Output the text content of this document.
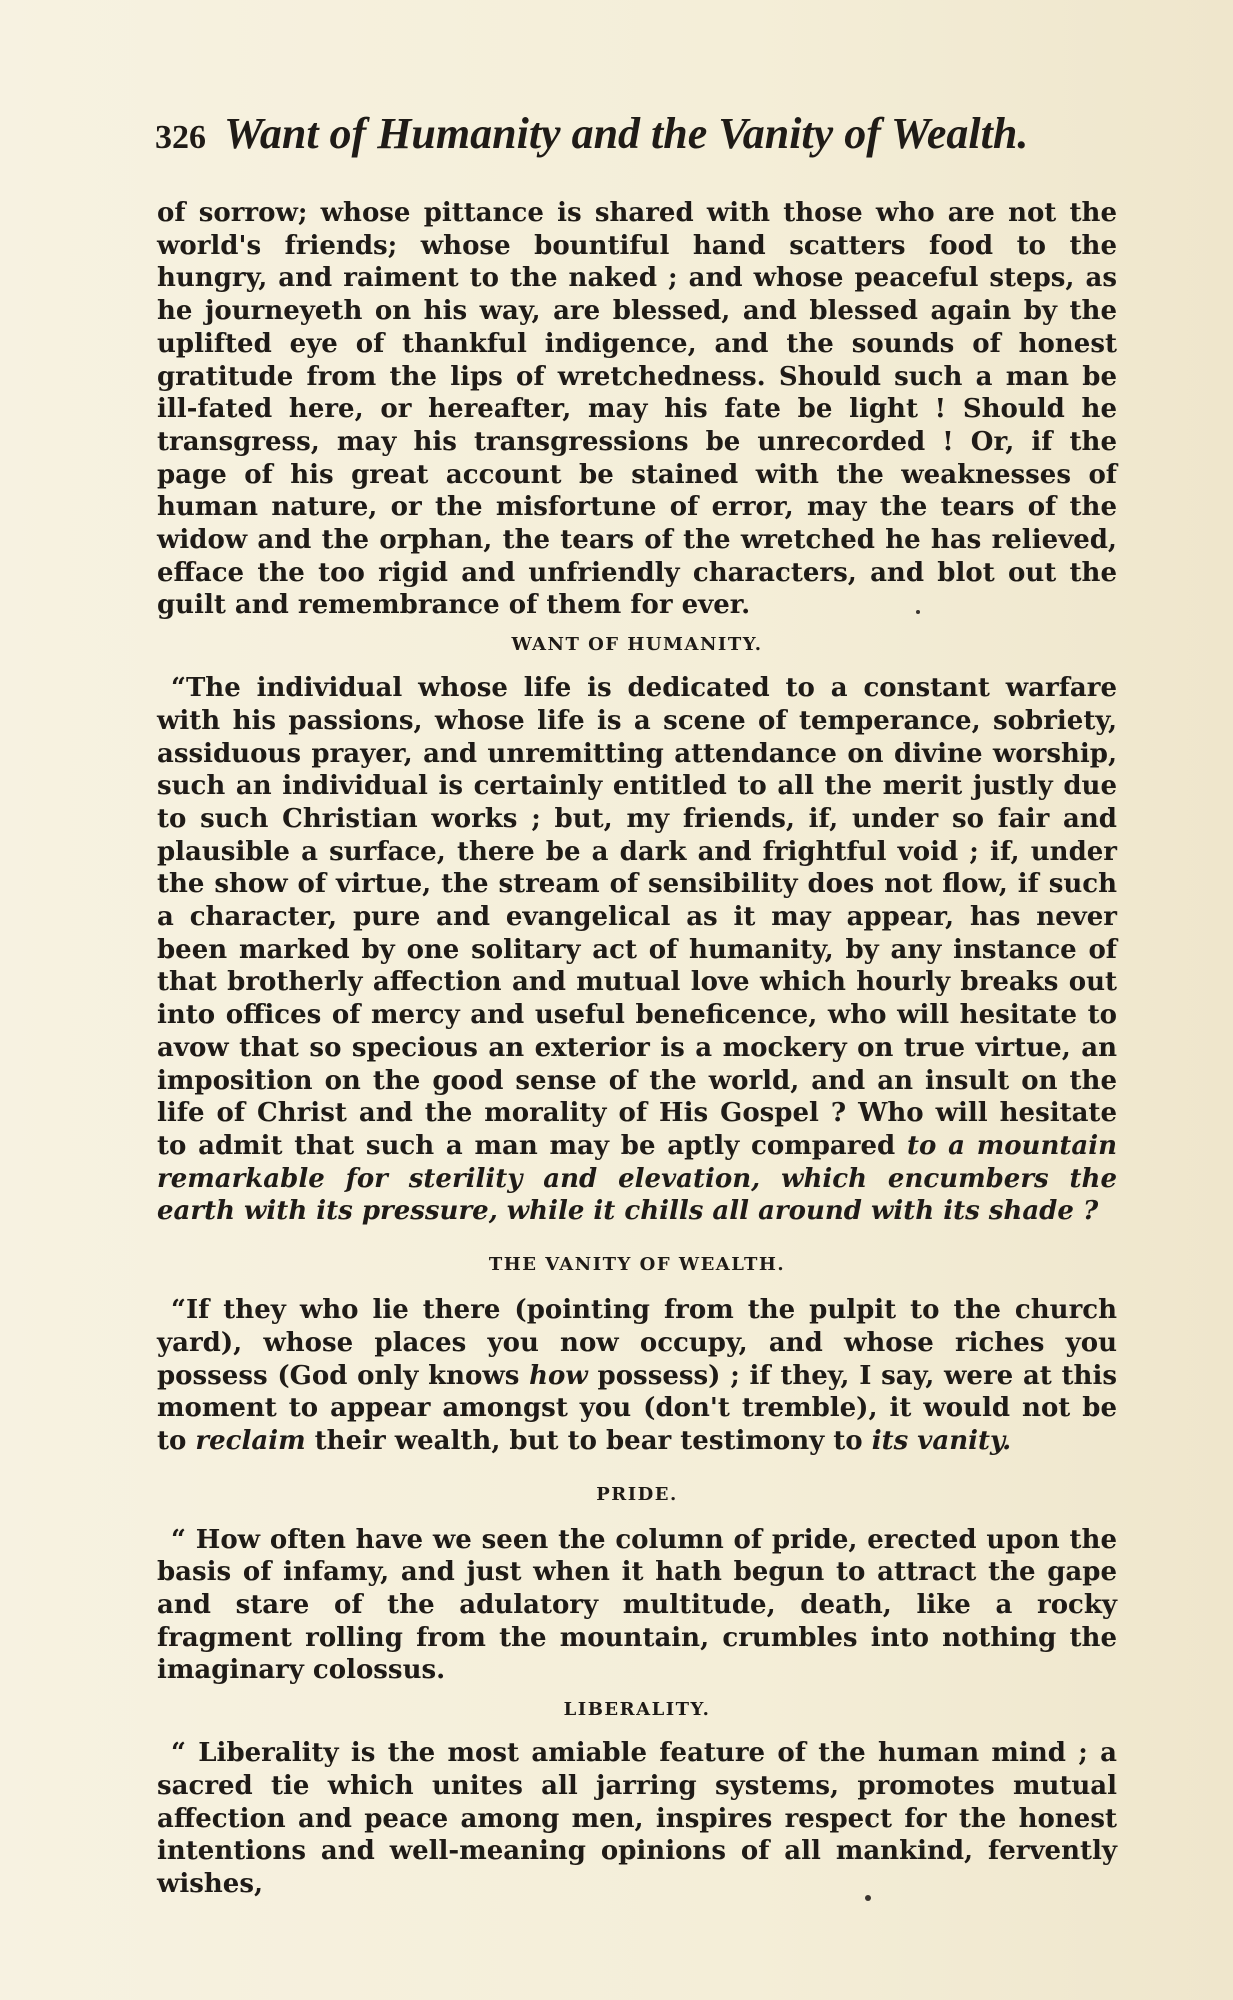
326 Want of Humanity and the Vanity of Wealth.

of sorrow; whose pittance is shared with those who are not the world's friends; whose bountiful hand scatters food to the hungry, and raiment to the naked ; and whose peaceful steps, as he journeyeth on his way, are blessed, and blessed again by the uplifted eye of thankful indigence, and the sounds of honest gratitude from the lips of wretchedness. Should such a man be ill-fated here, or hereafter, may his fate be light ! Should he transgress, may his transgressions be unrecorded ! Or, if the page of his great account be stained with the weaknesses of human nature, or the misfortune of error, may the tears of the widow and the orphan, the tears of the wretched he has relieved, efface the too rigid and unfriendly characters, and blot out the guilt and remembrance of them for ever.

WANT OF HUMANITY.

“The individual whose life is dedicated to a constant warfare with his passions, whose life is a scene of temperance, sobriety, assiduous prayer, and unremitting attendance on divine worship, such an individual is certainly entitled to all the merit justly due to such Christian works ; but, my friends, if, under so fair and plausible a surface, there be a dark and frightful void ; if, under the show of virtue, the stream of sensibility does not flow, if such a character, pure and evangelical as it may appear, has never been marked by one solitary act of humanity, by any instance of that brotherly affection and mutual love which hourly breaks out into offices of mercy and useful beneficence, who will hesitate to avow that so specious an exterior is a mockery on true virtue, an imposition on the good sense of the world, and an insult on the life of Christ and the morality of His Gospel ? Who will hesitate to admit that such a man may be aptly compared to a mountain remarkable for sterility and elevation, which encumbers the earth with its pressure, while it chills all around with its shade ?

THE VANITY OF WEALTH.

“If they who lie there (pointing from the pulpit to the church yard), whose places you now occupy, and whose riches you possess (God only knows how possess) ; if they, I say, were at this moment to appear amongst you (don't tremble), it would not be to reclaim their wealth, but to bear testimony to its vanity.

PRIDE.

“ How often have we seen the column of pride, erected upon the basis of infamy, and just when it hath begun to attract the gape and stare of the adulatory multitude, death, like a rocky fragment rolling from the mountain, crumbles into nothing the imaginary colossus.

LIBERALITY.

“ Liberality is the most amiable feature of the human mind ; a sacred tie which unites all jarring systems, promotes mutual affection and peace among men, inspires respect for the honest intentions and well-meaning opinions of all mankind, fervently wishes,
